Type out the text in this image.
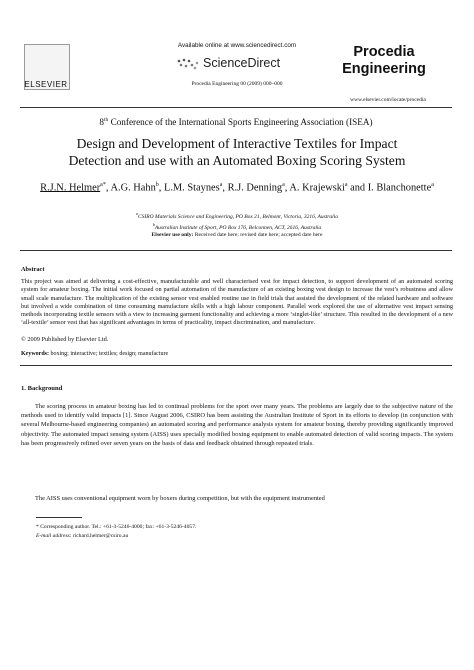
ELSEVIER
Available online at www.sciencedirect.com
ScienceDirect
Procedia Engineering 00 (2009) 000–000
Procedia
Engineering
www.elsevier.com/locate/procedia
8th Conference of the International Sports Engineering Association (ISEA)
Design and Development of Interactive Textiles for Impact
Detection and use with an Automated Boxing Scoring System
R.J.N. Helmer$^{a*}$, A.G. Hahn$^b$, L.M. Staynes$^a$, R.J. Denning$^a$, A. Krajewski$^a$ and I. Blanchonette$^a$
$^a$CSIRO Materials Science and Engineering, PO Box 21, Belmont, Victoria, 3216, Australia
$^b$Australian Institute of Sport, PO Box 176, Belconnen, ACT, 2616, Australia
Elsevier use only: Received date here; revised date here; accepted date here
Abstract
This project was aimed at delivering a cost-effective, manufacturable and well characterised vest for impact detection, to support development of an automated scoring system for amateur boxing. The initial work focused on partial automation of the manufacture of an existing boxing vest design to increase the vest’s robustness and allow small scale manufacture. The multiplication of the existing sensor vest enabled routine use in field trials that assisted the development of the related hardware and software but involved a wide combination of time consuming manufacture skills with a high labour component. Parallel work explored the use of alternative vest impact sensing methods incorporating textile sensors with a view to increasing garment functionality and achieving a more ‘singlet-like’ structure. This resulted in the development of a new ‘all-textile’ sensor vest that has significant advantages in terms of practicality, impact discrimination, and manufacture.
© 2009 Published by Elsevier Ltd.
Keywords: boxing; interactive; textiles; design; manufacture
1. Background
The scoring process in amateur boxing has led to continual problems for the sport over many years. The problems are largely due to the subjective nature of the methods used to identify valid impacts [1]. Since August 2006, CSIRO has been assisting the Australian Institute of Sport in its efforts to develop (in conjunction with several Melbourne-based engineering companies) an automated scoring and performance analysis system for amateur boxing, thereby providing significantly improved objectivity. The automated impact sensing system (AISS) uses specially modified boxing equipment to enable automated detection of valid scoring impacts. The system has been progressively refined over seven years on the basis of data and feedback obtained through repeated trials.
The AISS uses conventional equipment worn by boxers during competition, but with the equipment instrumented
* Corresponding author. Tel.: +61-3-5246-4000; fax: +61-3-5246-4057.
E-mail address: richard.helmer@csiro.au
